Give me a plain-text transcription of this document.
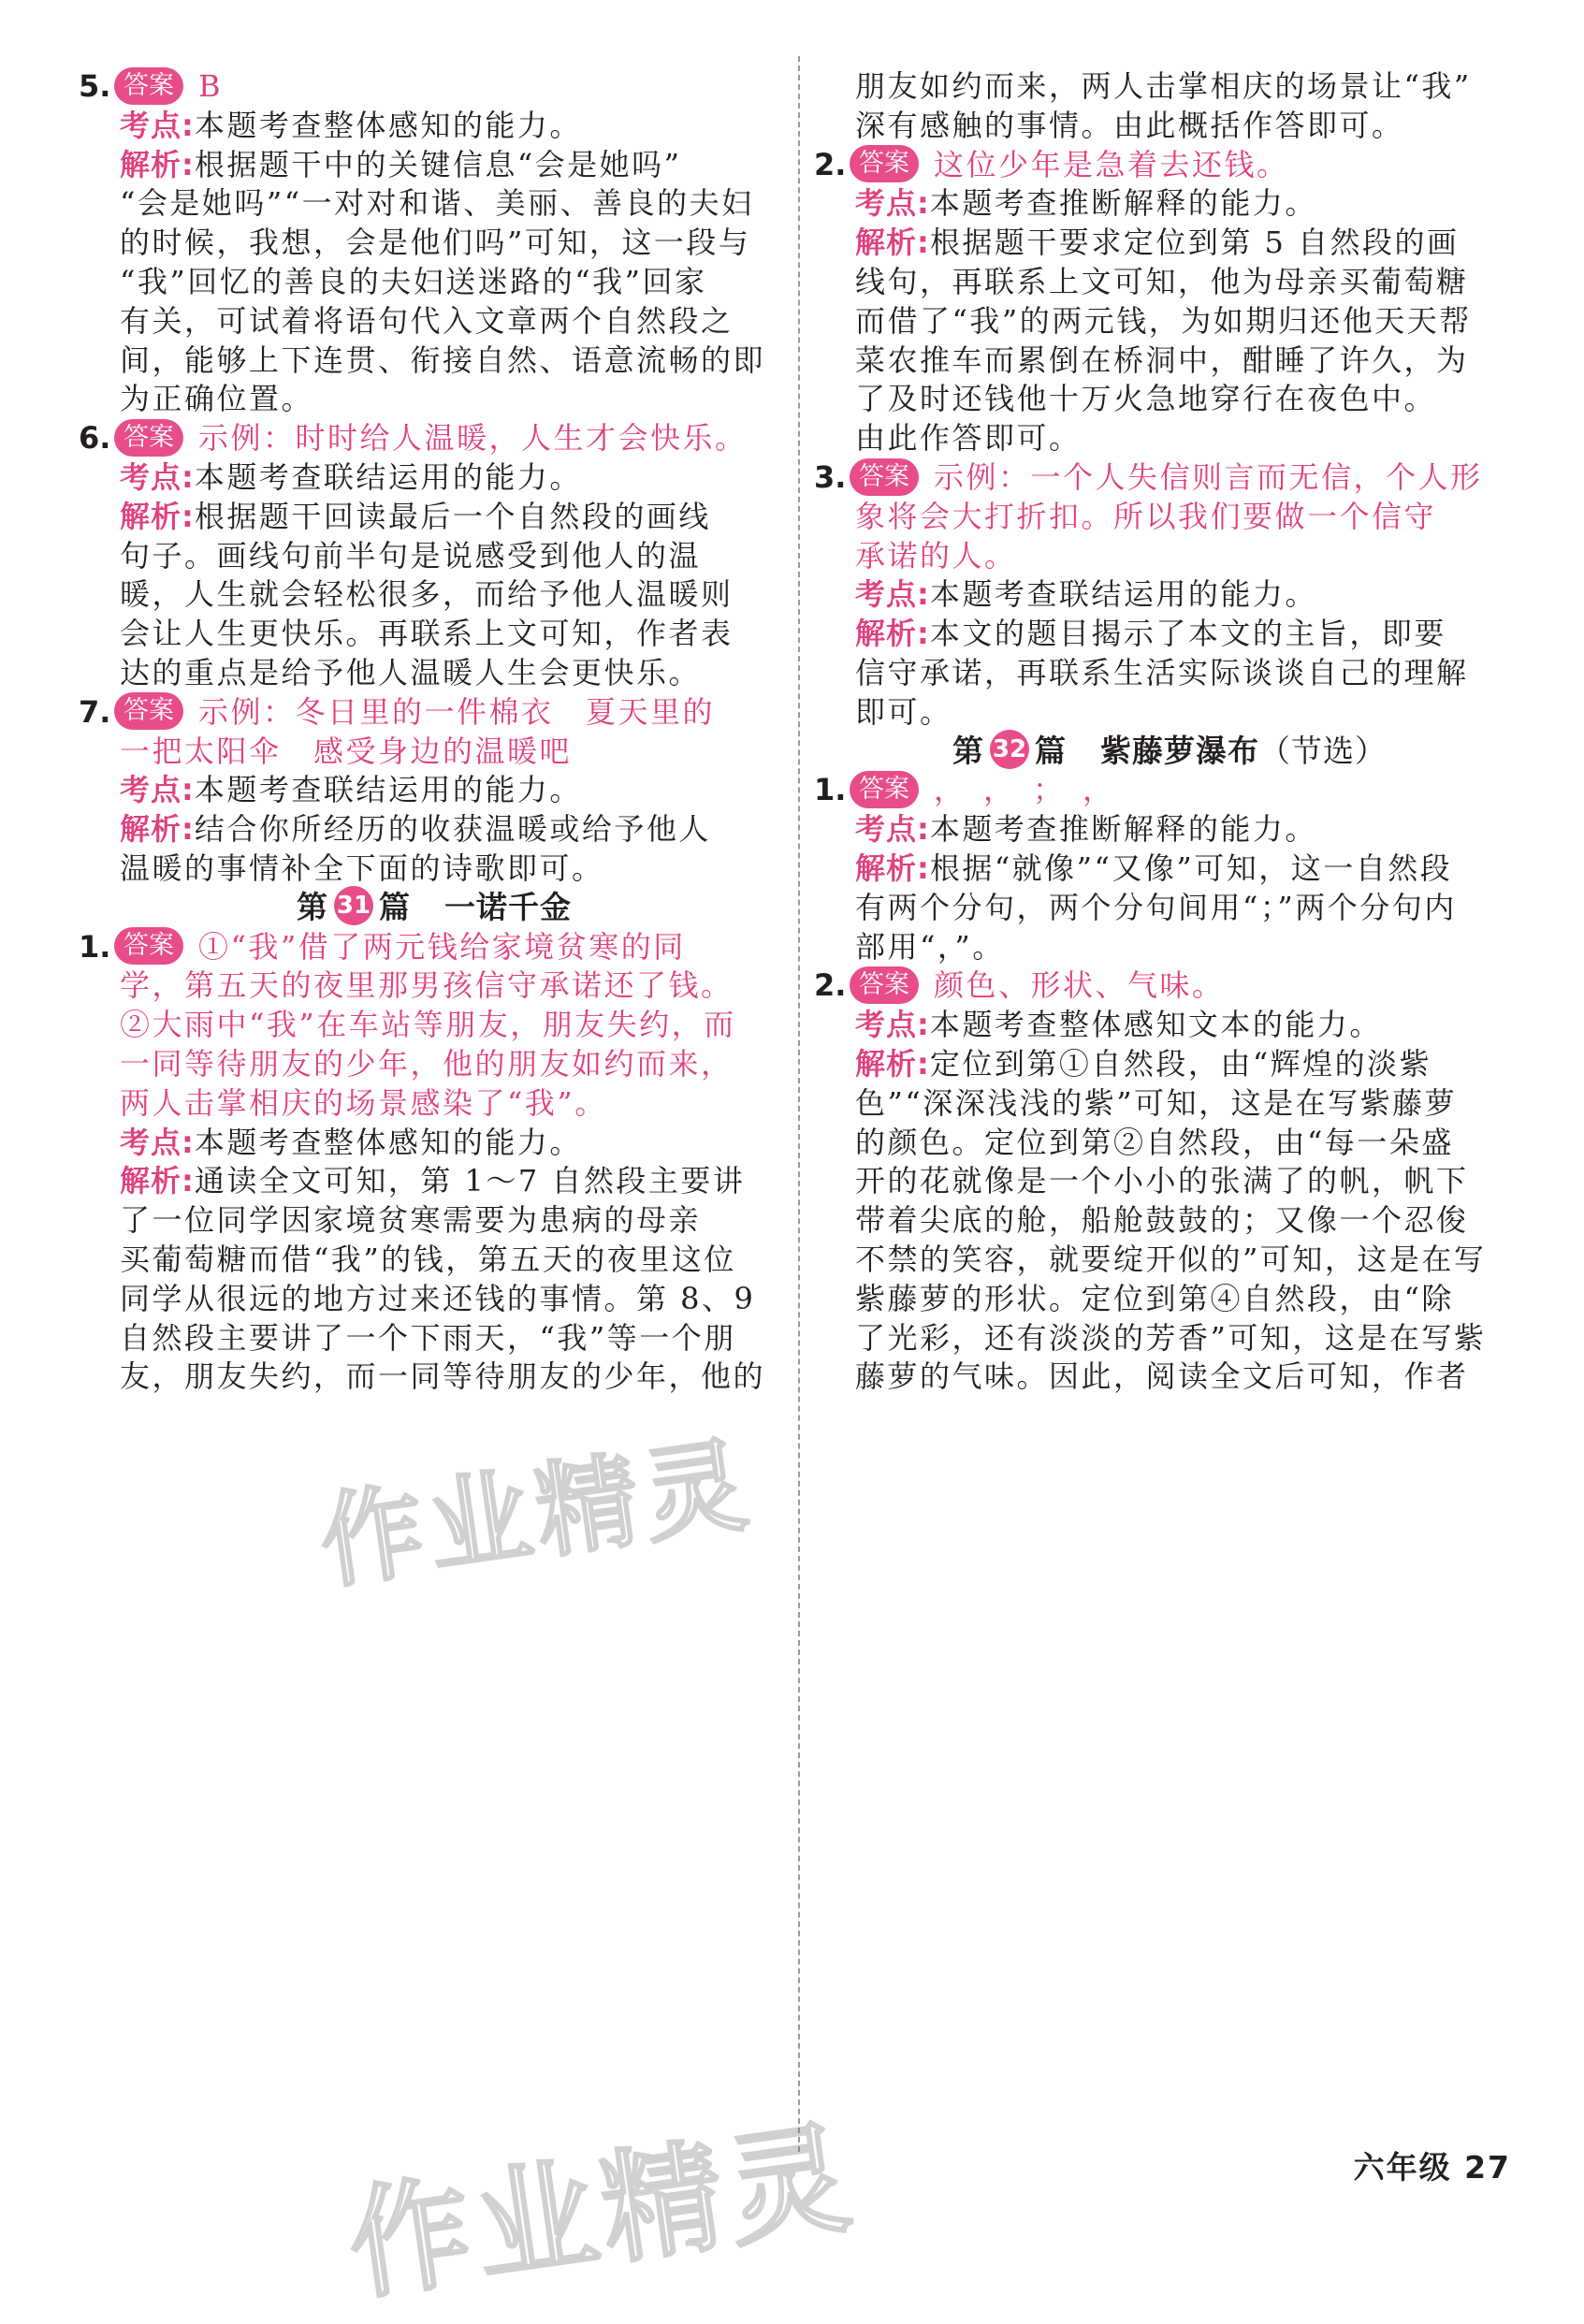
5. 答案 B
考点:本题考查整体感知的能力。
解析:根据题干中的关键信息“会是她吗”
“会是她吗”“一对对和谐、美丽、善良的夫妇
的时候，我想，会是他们吗”可知，这一段与
“我”回忆的善良的夫妇送迷路的“我”回家
有关，可试着将语句代入文章两个自然段之
间，能够上下连贯、衔接自然、语意流畅的即
为正确位置。
6. 答案 示例：时时给人温暖，人生才会快乐。
考点:本题考查联结运用的能力。
解析:根据题干回读最后一个自然段的画线
句子。画线句前半句是说感受到他人的温
暖，人生就会轻松很多，而给予他人温暖则
会让人生更快乐。再联系上文可知，作者表
达的重点是给予他人温暖人生会更快乐。
7. 答案 示例：冬日里的一件棉衣　夏天里的
一把太阳伞　感受身边的温暖吧
考点:本题考查联结运用的能力。
解析:结合你所经历的收获温暖或给予他人
温暖的事情补全下面的诗歌即可。
第 31 篇 一诺千金
1. 答案 ①“我”借了两元钱给家境贫寒的同
学，第五天的夜里那男孩信守承诺还了钱。
②大雨中“我”在车站等朋友，朋友失约，而
一同等待朋友的少年，他的朋友如约而来，
两人击掌相庆的场景感染了“我”。
考点:本题考查整体感知的能力。
解析:通读全文可知，第 1～7 自然段主要讲
了一位同学因家境贫寒需要为患病的母亲
买葡萄糖而借“我”的钱，第五天的夜里这位
同学从很远的地方过来还钱的事情。第 8、9
自然段主要讲了一个下雨天，“我”等一个朋
友，朋友失约，而一同等待朋友的少年，他的
朋友如约而来，两人击掌相庆的场景让“我”
深有感触的事情。由此概括作答即可。
2. 答案 这位少年是急着去还钱。
考点:本题考查推断解释的能力。
解析:根据题干要求定位到第 5 自然段的画
线句，再联系上文可知，他为母亲买葡萄糖
而借了“我”的两元钱，为如期归还他天天帮
菜农推车而累倒在桥洞中，酣睡了许久，为
了及时还钱他十万火急地穿行在夜色中。
由此作答即可。
3. 答案 示例：一个人失信则言而无信，个人形
象将会大打折扣。所以我们要做一个信守
承诺的人。
考点:本题考查联结运用的能力。
解析:本文的题目揭示了本文的主旨，即要
信守承诺，再联系生活实际谈谈自己的理解
即可。
第 32 篇 紫藤萝瀑布（节选）
1. 答案 ，　，　；　，
考点:本题考查推断解释的能力。
解析:根据“就像”“又像”可知，这一自然段
有两个分句，两个分句间用“；”两个分句内
部用“，”。
2. 答案 颜色、形状、气味。
考点:本题考查整体感知文本的能力。
解析:定位到第①自然段，由“辉煌的淡紫
色”“深深浅浅的紫”可知，这是在写紫藤萝
的颜色。定位到第②自然段，由“每一朵盛
开的花就像是一个小小的张满了的帆，帆下
带着尖底的舱，船舱鼓鼓的；又像一个忍俊
不禁的笑容，就要绽开似的”可知，这是在写
紫藤萝的形状。定位到第④自然段，由“除
了光彩，还有淡淡的芳香”可知，这是在写紫
藤萝的气味。因此，阅读全文后可知，作者
六年级 27
作业精灵
作业精灵
